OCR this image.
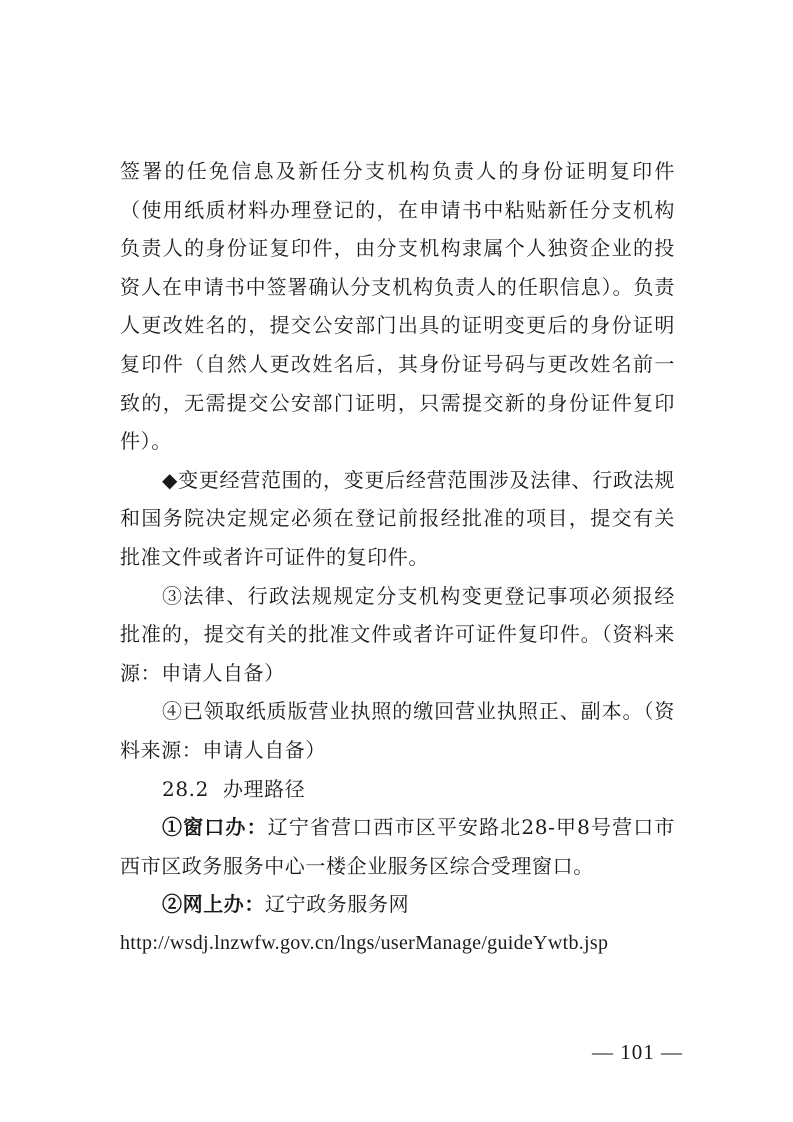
签署的任免信息及新任分支机构负责人的身份证明复印件（使用纸质材料办理登记的，在申请书中粘贴新任分支机构负责人的身份证复印件，由分支机构隶属个人独资企业的投资人在申请书中签署确认分支机构负责人的任职信息）。负责人更改姓名的，提交公安部门出具的证明变更后的身份证明复印件（自然人更改姓名后，其身份证号码与更改姓名前一致的，无需提交公安部门证明，只需提交新的身份证件复印件）。

◆变更经营范围的，变更后经营范围涉及法律、行政法规和国务院决定规定必须在登记前报经批准的项目，提交有关批准文件或者许可证件的复印件。

③法律、行政法规规定分支机构变更登记事项必须报经批准的，提交有关的批准文件或者许可证件复印件。（资料来源：申请人自备）

④已领取纸质版营业执照的缴回营业执照正、副本。（资料来源：申请人自备）

28.2 办理路径

①窗口办：辽宁省营口西市区平安路北28-甲8号营口市西市区政务服务中心一楼企业服务区综合受理窗口。

②网上办：辽宁政务服务网

http://wsdj.lnzwfw.gov.cn/lngs/userManage/guideYwtb.jsp

— 101 —
